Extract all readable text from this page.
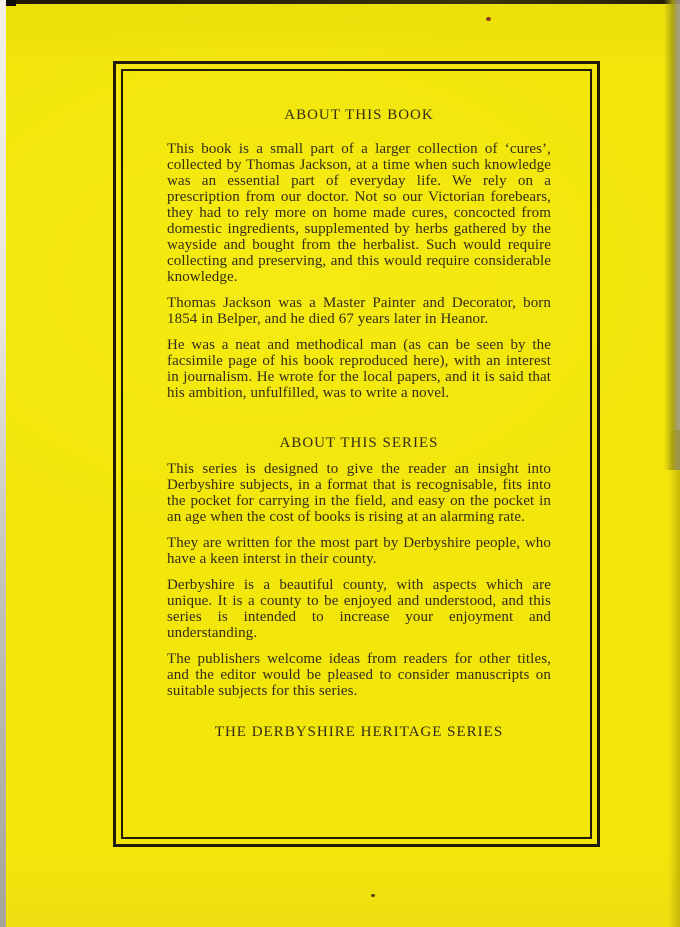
ABOUT THIS BOOK

This book is a small part of a larger collection of ‘cures’, collected by Thomas Jackson, at a time when such knowledge was an essential part of everyday life. We rely on a prescription from our doctor. Not so our Victorian forebears, they had to rely more on home made cures, concocted from domestic ingredients, supplemented by herbs gathered by the wayside and bought from the herbalist. Such would require collecting and preserving, and this would require considerable knowledge.

Thomas Jackson was a Master Painter and Decorator, born 1854 in Belper, and he died 67 years later in Heanor.

He was a neat and methodical man (as can be seen by the facsimile page of his book reproduced here), with an interest in journalism. He wrote for the local papers, and it is said that his ambition, unfulfilled, was to write a novel.

ABOUT THIS SERIES

This series is designed to give the reader an insight into Derbyshire subjects, in a format that is recognisable, fits into the pocket for carrying in the field, and easy on the pocket in an age when the cost of books is rising at an alarming rate.

They are written for the most part by Derbyshire people, who have a keen interst in their county.

Derbyshire is a beautiful county, with aspects which are unique. It is a county to be enjoyed and understood, and this series is intended to increase your enjoyment and understanding.

The publishers welcome ideas from readers for other titles, and the editor would be pleased to consider manuscripts on suitable subjects for this series.

THE DERBYSHIRE HERITAGE SERIES
